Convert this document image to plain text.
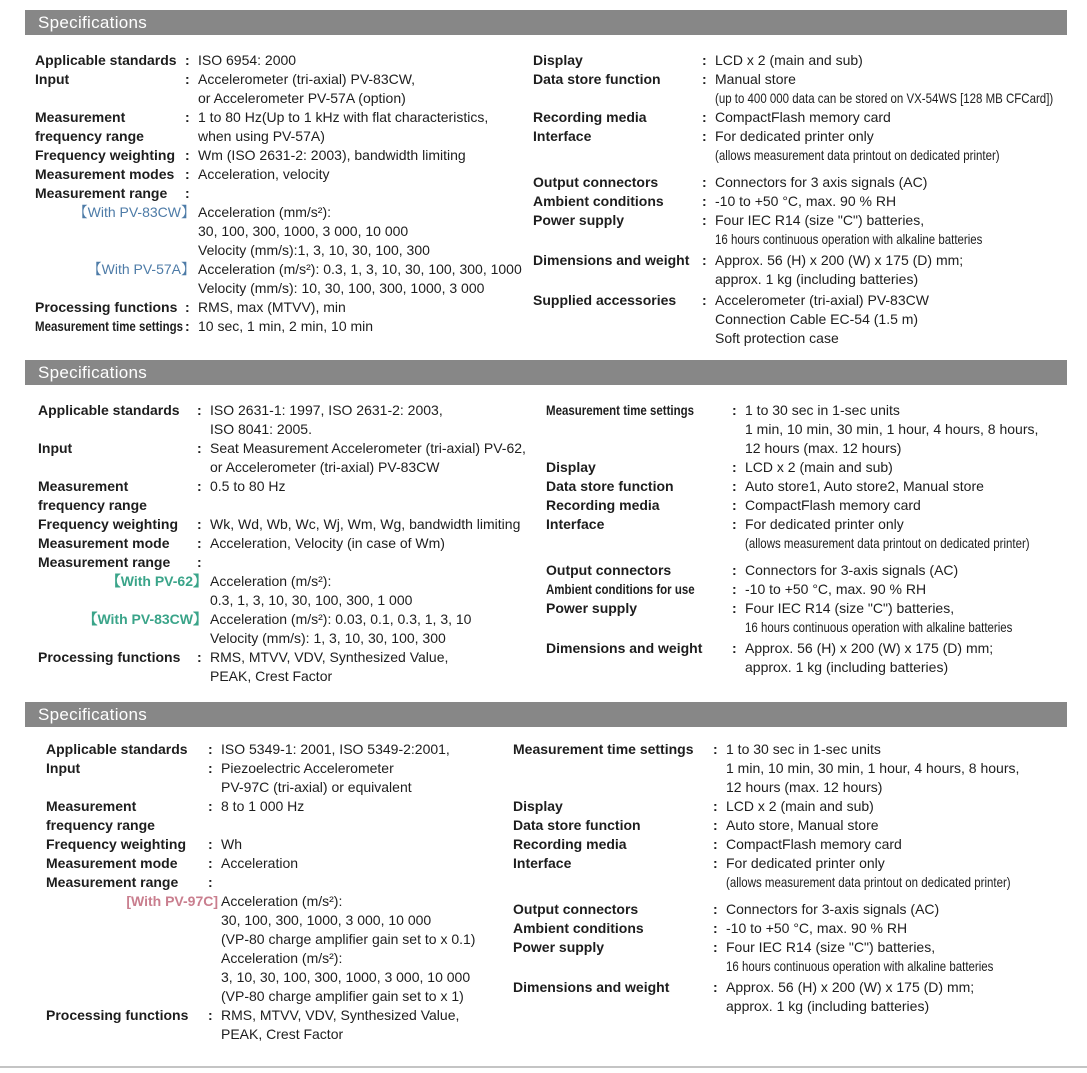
Specifications
Applicable standards : ISO 6954: 2000
Input	: Accelerometer (tri-axial) PV-83CW,
or Accelerometer PV-57A (option)
Measurement
frequency range
: 1 to 80 Hz(Up to 1 kHz with flat characteristics,
when using PV-57A)
Frequency weighting : Wm (ISO 2631-2: 2003), bandwidth limiting
Measurement modes : Acceleration, velocity
Measurement range	:
【With PV-83CW】 Acceleration (mm/s²):
30, 100, 300, 1000, 3 000, 10 000
Velocity (mm/s):1, 3, 10, 30, 100, 300
【With PV-57A】 Acceleration (m/s²): 0.3, 1, 3, 10, 30, 100, 300, 1000
Velocity (mm/s): 10, 30, 100, 300, 1000, 3 000
Processing functions : RMS, max (MTVV), min
Measurement time settings : 10 sec, 1 min, 2 min, 10 min
Display	: LCD x 2 (main and sub)
Data store function	: Manual store
(up to 400 000 data can be stored on VX-54WS [128 MB CFCard])
Recording media	: CompactFlash memory card
Interface	: For dedicated printer only
(allows measurement data printout on dedicated printer)
Output connectors	: Connectors for 3 axis signals (AC)
Ambient conditions	: -10 to +50 °C, max. 90 % RH
Power supply	: Four IEC R14 (size "C") batteries,
16 hours continuous operation with alkaline batteries
Dimensions and weight : Approx. 56 (H) x 200 (W) x 175 (D) mm;
approx. 1 kg (including batteries)
Supplied accessories	: Accelerometer (tri-axial) PV-83CW
Connection Cable EC-54 (1.5 m)
Soft protection case
Specifications
Applicable standards	: ISO 2631-1: 1997, ISO 2631-2: 2003,
ISO 8041: 2005.
Input	: Seat Measurement Accelerometer (tri-axial) PV-62,
or Accelerometer (tri-axial) PV-83CW
Measurement
frequency range
: 0.5 to 80 Hz
Frequency weighting	: Wk, Wd, Wb, Wc, Wj, Wm, Wg, bandwidth limiting
Measurement mode	: Acceleration, Velocity (in case of Wm)
Measurement range	:
【With PV-62】 Acceleration (m/s²):
0.3, 1, 3, 10, 30, 100, 300, 1 000
【With PV-83CW】 Acceleration (m/s²): 0.03, 0.1, 0.3, 1, 3, 10
Velocity (mm/s): 1, 3, 10, 30, 100, 300
Processing functions	: RMS, MTVV, VDV, Synthesized Value,
PEAK, Crest Factor
Measurement time settings	: 1 to 30 sec in 1-sec units
1 min, 10 min, 30 min, 1 hour, 4 hours, 8 hours,
12 hours (max. 12 hours)
Display	: LCD x 2 (main and sub)
Data store function	: Auto store1, Auto store2, Manual store
Recording media	: CompactFlash memory card
Interface	: For dedicated printer only
(allows measurement data printout on dedicated printer)
Output connectors	: Connectors for 3-axis signals (AC)
Ambient conditions for use	: -10 to +50 °C, max. 90 % RH
Power supply	: Four IEC R14 (size "C") batteries,
16 hours continuous operation with alkaline batteries
Dimensions and weight	: Approx. 56 (H) x 200 (W) x 175 (D) mm;
approx. 1 kg (including batteries)
Specifications
Applicable standards	: ISO 5349-1: 2001, ISO 5349-2:2001,
Input	: Piezoelectric Accelerometer
PV-97C (tri-axial) or equivalent
Measurement
frequency range
: 8 to 1 000 Hz
Frequency weighting	: Wh
Measurement mode	: Acceleration
Measurement range	:
[With PV-97C] Acceleration (m/s²):
30, 100, 300, 1000, 3 000, 10 000
(VP-80 charge amplifier gain set to x 0.1)
Acceleration (m/s²):
3, 10, 30, 100, 300, 1000, 3 000, 10 000
(VP-80 charge amplifier gain set to x 1)
Processing functions	: RMS, MTVV, VDV, Synthesized Value,
PEAK, Crest Factor
Measurement time settings	: 1 to 30 sec in 1-sec units
1 min, 10 min, 30 min, 1 hour, 4 hours, 8 hours,
12 hours (max. 12 hours)
Display	: LCD x 2 (main and sub)
Data store function	: Auto store, Manual store
Recording media	: CompactFlash memory card
Interface	: For dedicated printer only
(allows measurement data printout on dedicated printer)
Output connectors	: Connectors for 3-axis signals (AC)
Ambient conditions	: -10 to +50 °C, max. 90 % RH
Power supply	: Four IEC R14 (size "C") batteries,
16 hours continuous operation with alkaline batteries
Dimensions and weight	: Approx. 56 (H) x 200 (W) x 175 (D) mm;
approx. 1 kg (including batteries)
